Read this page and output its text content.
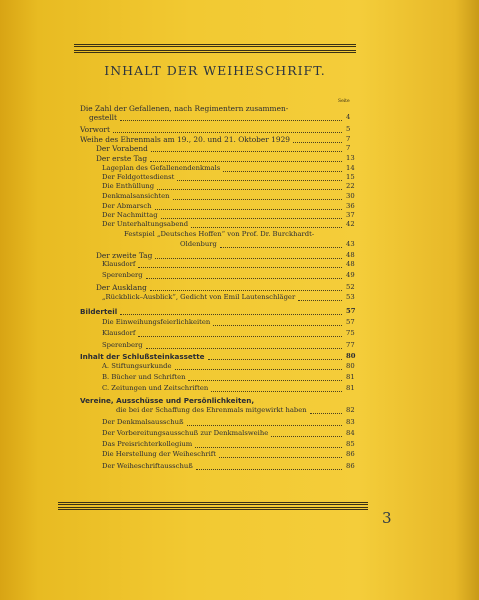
INHALT DER WEIHESCHRIFT.
Seite
Die Zahl der Gefallenen, nach Regimentern zusammen-
gestellt	4
Vorwort	5
Weihe des Ehrenmals am 19., 20. und 21. Oktober 1929	7
Der Vorabend	7
Der erste Tag	13
Lageplan des Gefallenendenkmals	14
Der Feldgottesdienst	15
Die Enthüllung	22
Denkmalsansichten	30
Der Abmarsch	36
Der Nachmittag	37
Der Unterhaltungsabend	42
Festspiel „Deutsches Hoffen“ von Prof. Dr. Burckhardt-
Oldenburg	43
Der zweite Tag	48
Klausdorf	48
Sperenberg	49
Der Ausklang	52
„Rückblick–Ausblick“, Gedicht von Emil Lautenschläger	53
Bilderteil	57
Die Einweihungsfeierlichkeiten	57
Klausdorf	75
Sperenberg	77
Inhalt der Schlußsteinkassette	80
A. Stiftungsurkunde	80
B. Bücher und Schriften	81
C. Zeitungen und Zeitschriften	81
Vereine, Ausschüsse und Persönlichkeiten,
die bei der Schaffung des Ehrenmals mitgewirkt haben	82
Der Denkmalsausschuß	83
Der Vorbereitungsausschuß zur Denkmalsweihe	84
Das Preisrichterkollegium	85
Die Herstellung der Weiheschrift	86
Der Weiheschriftausschuß	86
3
